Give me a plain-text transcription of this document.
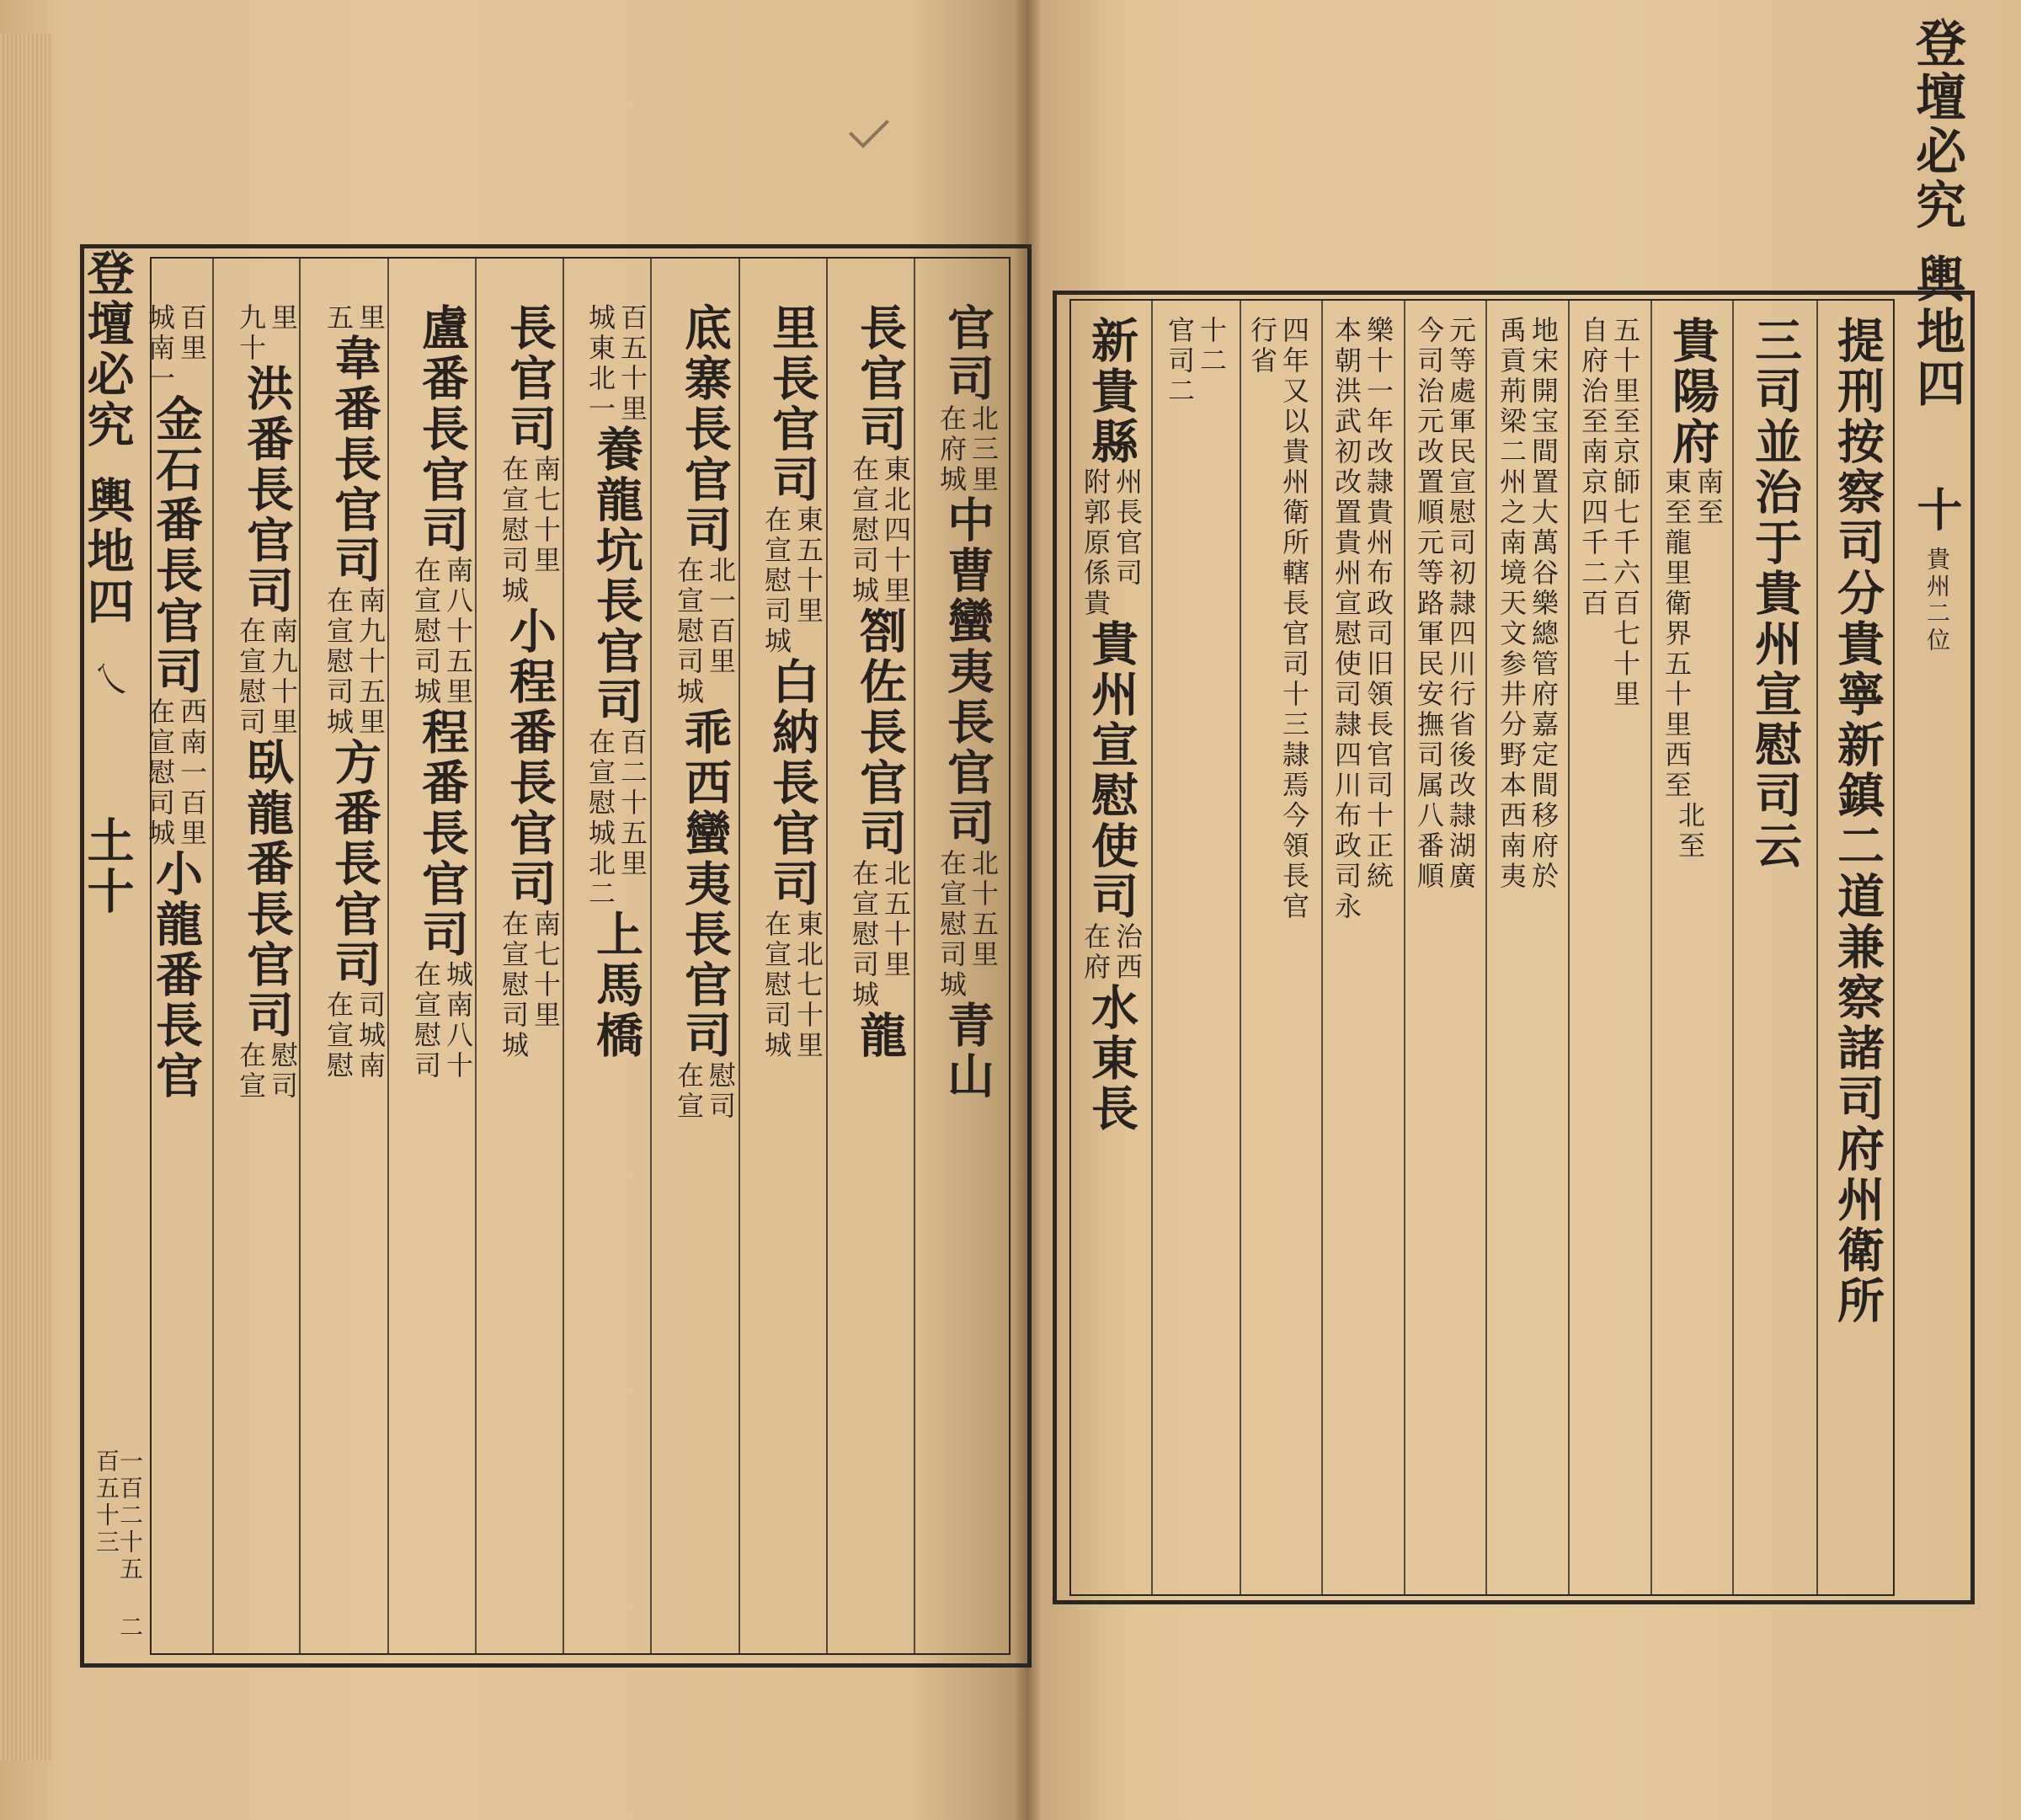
登壇必究
輿地四
乀
土十
官司
北三里
在府城
中曹蠻夷長官司
北十五里
在宣慰司城
青山
長官司
東北四十里
在宣慰司城
劄佐長官司
北五十里
在宣慰司城
龍
里長官司
東五十里
在宣慰司城
白納長官司
東北七十里
在宣慰司城
底寨長官司
北一百里
在宣慰司城
乖西蠻夷長官司
慰司
在宣
百五十里
城東北一
養龍坑長官司
百二十五里
在宣慰城北二
上馬橋
長官司
南七十里
在宣慰司城
小程番長官司
南七十里
在宣慰司城
盧番長官司
南八十五里
在宣慰司城
程番長官司
城南八十
在宣慰司
里
五
韋番長官司
南九十五里
在宣慰司城
方番長官司
司城南
在宣慰
里
九十
洪番長官司
南九十里
在宣慰司
臥龍番長官司
慰司
在宣
百里
城南一
金石番長官司
西南一百里
在宣慰司城
小龍番長官
一百二十五 二百五十三
提刑按察司分貴寧新鎮二道兼察諸司府州衛所
三司並治于貴州宣慰司云
貴陽府
南至
東至龍里衛界五十里西至
北至
五十里至京師七千六百七十里
自府治至南京四千二百
地宋開宝間置大萬谷樂總管府嘉定間移府於
禹貢荊梁二州之南境天文参井分野本西南夷
元等處軍民宣慰司初隷四川行省後改隷湖廣
今司治元改置順元等路軍民安撫司属八番順
樂十一年改隷貴州布政司旧領長官司十正統
本朝洪武初改置貴州宣慰使司隷四川布政司永
四年又以貴州衛所轄長官司十三隷焉今領長官
行省
十二
官司二
新貴縣
州長官司
附郭原係貴
貴州宣慰使司
治西
在府
水東長
登壇必究
輿地四
十
貴州二位
